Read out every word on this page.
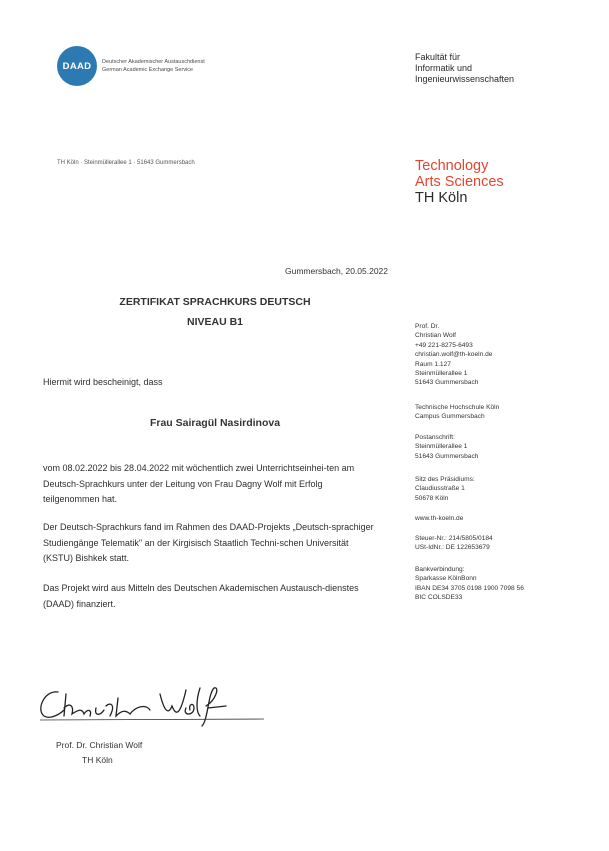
DAAD	Deutscher Akademischer Austauschdienst
German Academic Exchange Service
Fakultät für
Informatik und
Ingenieurwissenschaften
TH Köln · Steinmüllerallee 1 · 51643 Gummersbach	Technology
Arts Sciences
TH Köln
Gummersbach, 20.05.2022
ZERTIFIKAT SPRACHKURS DEUTSCH
NIVEAU B1
Hiermit wird bescheinigt, dass
Frau Sairagül Nasirdinova
vom 08.02.2022 bis 28.04.2022 mit wöchentlich zwei Unterrichtseinhei-ten am Deutsch-Sprachkurs unter der Leitung von Frau Dagny Wolf mit Erfolg teilgenommen hat.
Der Deutsch-Sprachkurs fand im Rahmen des DAAD-Projekts „Deutsch-sprachiger Studiengänge Telematik" an der Kirgisisch Staatlich Techni-schen Universität (KSTU) Bishkek statt.
Das Projekt wird aus Mitteln des Deutschen Akademischen Austausch-dienstes (DAAD) finanziert.
Prof. Dr. Christian Wolf
TH Köln
Prof. Dr.
Christian Wolf
+49 221-8275-6493
christian.wolf@th-koeln.de
Raum 1.127
Steinmüllerallee 1
51643 Gummersbach
Technische Hochschule Köln
Campus Gummersbach
Postanschrift:
Steinmüllerallee 1
51643 Gummersbach
Sitz des Präsidiums:
Claudiusstraße 1
50678 Köln
www.th-koeln.de
Steuer-Nr.: 214/5805/0184
USt-IdNr.: DE 122653679
Bankverbindung:
Sparkasse KölnBonn
IBAN DE34 3705 0198 1900 7098 56
BIC COLSDE33
